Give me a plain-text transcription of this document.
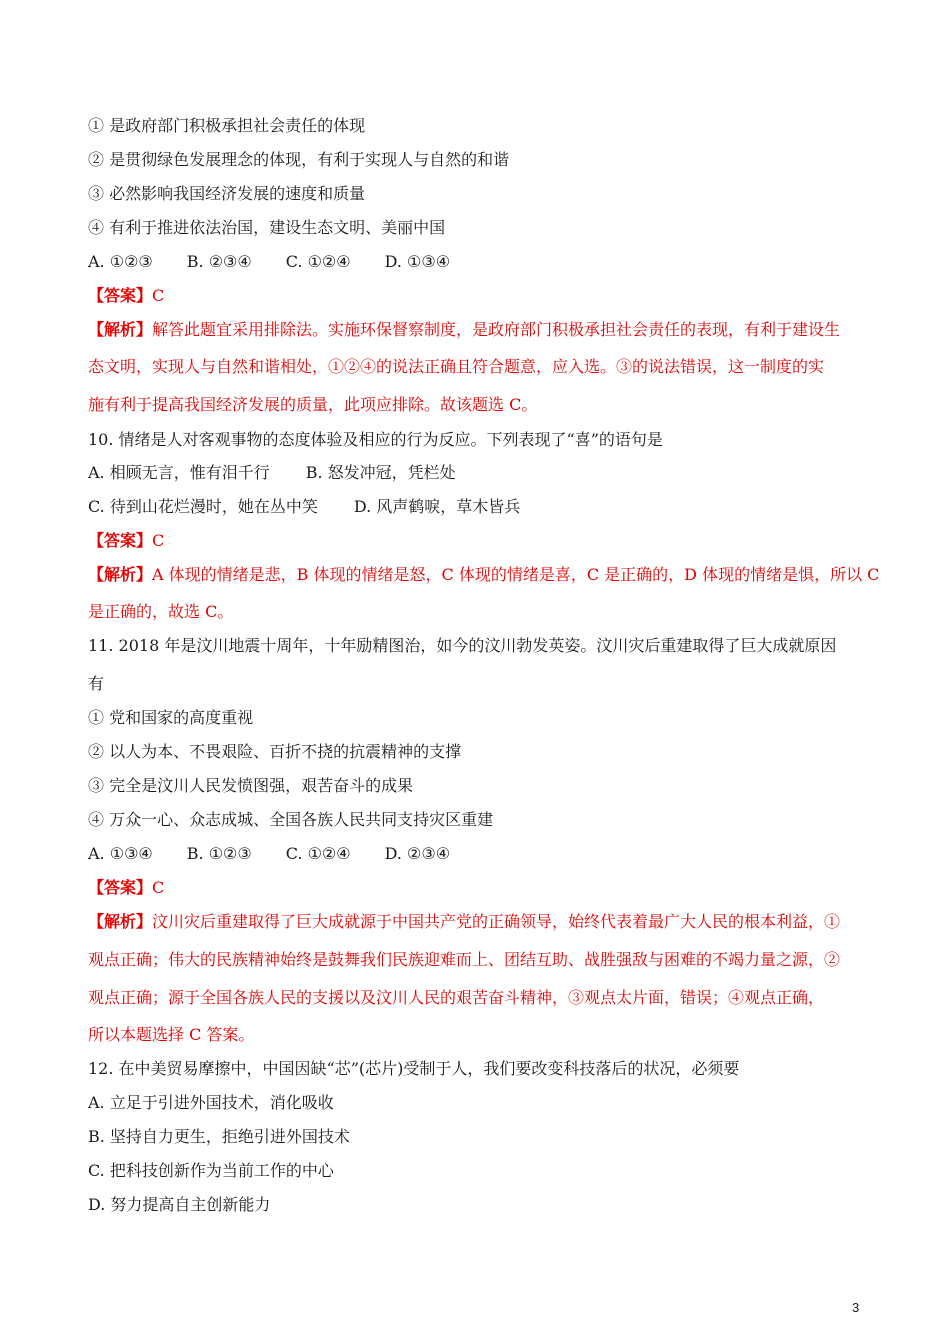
① 是政府部门积极承担社会责任的体现
② 是贯彻绿色发展理念的体现，有利于实现人与自然的和谐
③ 必然影响我国经济发展的速度和质量
④ 有利于推进依法治国，建设生态文明、美丽中国
A. ①②③ B. ②③④ C. ①②④ D. ①③④
【答案】C
【解析】解答此题宜采用排除法。实施环保督察制度，是政府部门积极承担社会责任的表现，有利于建设生
态文明，实现人与自然和谐相处，①②④的说法正确且符合题意，应入选。③的说法错误，这一制度的实
施有利于提高我国经济发展的质量，此项应排除。故该题选 C。
10. 情绪是人对客观事物的态度体验及相应的行为反应。下列表现了“喜”的语句是
A. 相顾无言，惟有泪千行 B. 怒发冲冠，凭栏处
C. 待到山花烂漫时，她在丛中笑 D. 风声鹤唳，草木皆兵
【答案】C
【解析】A 体现的情绪是悲，B 体现的情绪是怒，C 体现的情绪是喜，C 是正确的，D 体现的情绪是惧，所以 C
是正确的，故选 C。
11. 2018 年是汶川地震十周年，十年励精图治，如今的汶川勃发英姿。汶川灾后重建取得了巨大成就原因
有
① 党和国家的高度重视
② 以人为本、不畏艰险、百折不挠的抗震精神的支撑
③ 完全是汶川人民发愤图强，艰苦奋斗的成果
④ 万众一心、众志成城、全国各族人民共同支持灾区重建
A. ①③④ B. ①②③ C. ①②④ D. ②③④
【答案】C
【解析】汶川灾后重建取得了巨大成就源于中国共产党的正确领导，始终代表着最广大人民的根本利益，①
观点正确；伟大的民族精神始终是鼓舞我们民族迎难而上、团结互助、战胜强敌与困难的不竭力量之源，②
观点正确；源于全国各族人民的支援以及汶川人民的艰苦奋斗精神，③观点太片面，错误；④观点正确，
所以本题选择 C 答案。
12. 在中美贸易摩擦中，中国因缺“芯”(芯片)受制于人，我们要改变科技落后的状况，必须要
A. 立足于引进外国技术，消化吸收
B. 坚持自力更生，拒绝引进外国技术
C. 把科技创新作为当前工作的中心
D. 努力提高自主创新能力
3
